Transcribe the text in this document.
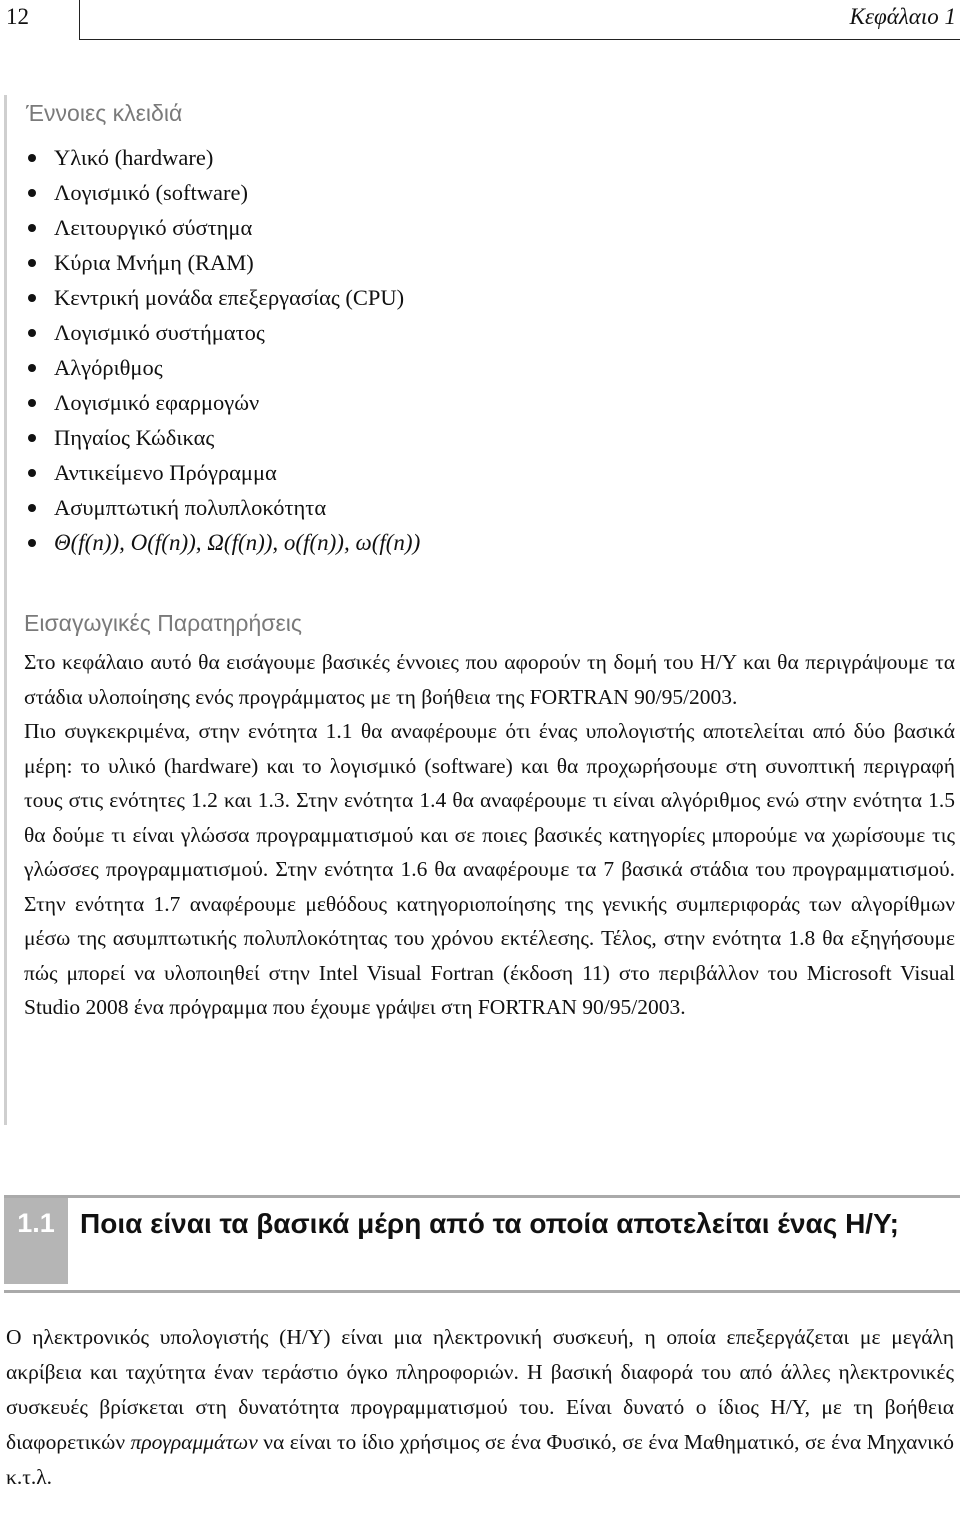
12	Κεφάλαιο 1
Έννοιες κλειδιά
Υλικό (hardware)
Λογισμικό (software)
Λειτουργικό σύστημα
Κύρια Μνήμη (RAM)
Κεντρική μονάδα επεξεργασίας (CPU)
Λογισμικό συστήματος
Αλγόριθμος
Λογισμικό εφαρμογών
Πηγαίος Κώδικας
Αντικείμενο Πρόγραμμα
Ασυμπτωτική πολυπλοκότητα
Θ(f(n)), O(f(n)), Ω(f(n)), o(f(n)), ω(f(n))
Εισαγωγικές Παρατηρήσεις

Στο κεφάλαιο αυτό θα εισάγουμε βασικές έννοιες που αφορούν τη δομή του Η/Υ και θα περιγράψουμε τα στάδια υλοποίησης ενός προγράμματος με τη βοήθεια της FORTRAN 90/95/2003.

Πιο συγκεκριμένα, στην ενότητα 1.1 θα αναφέρουμε ότι ένας υπολογιστής αποτελείται από δύο βασικά μέρη: το υλικό (hardware) και το λογισμικό (software) και θα προχωρήσουμε στη συνοπτική περιγραφή τους στις ενότητες 1.2 και 1.3. Στην ενότητα 1.4 θα αναφέρουμε τι είναι αλγόριθμος ενώ στην ενότητα 1.5 θα δούμε τι είναι γλώσσα προγραμματισμού και σε ποιες βασικές κατηγορίες μπορούμε να χωρίσουμε τις γλώσσες προγραμματισμού. Στην ενότητα 1.6 θα αναφέρουμε τα 7 βασικά στάδια του προγραμματισμού. Στην ενότητα 1.7 αναφέρουμε μεθόδους κατηγοριοποίησης της γενικής συμπεριφοράς των αλγορίθμων μέσω της ασυμπτωτικής πολυπλοκότητας του χρόνου εκτέλεσης. Τέλος, στην ενότητα 1.8 θα εξηγήσουμε πώς μπορεί να υλοποιηθεί στην Intel Visual Fortran (έκδοση 11) στο περιβάλλον του Microsoft Visual Studio 2008 ένα πρόγραμμα που έχουμε γράψει στη FORTRAN 90/95/2003.

1.1 Ποια είναι τα βασικά μέρη από τα οποία αποτελείται ένας Η/Υ;

Ο ηλεκτρονικός υπολογιστής (Η/Υ) είναι μια ηλεκτρονική συσκευή, η οποία επεξεργάζεται με μεγάλη ακρίβεια και ταχύτητα έναν τεράστιο όγκο πληροφοριών. Η βασική διαφορά του από άλλες ηλεκτρονικές συσκευές βρίσκεται στη δυνατότητα προγραμματισμού του. Είναι δυνατό ο ίδιος Η/Υ, με τη βοήθεια διαφορετικών προγραμμάτων να είναι το ίδιο χρήσιμος σε ένα Φυσικό, σε ένα Μαθηματικό, σε ένα Μηχανικό κ.τ.λ.
